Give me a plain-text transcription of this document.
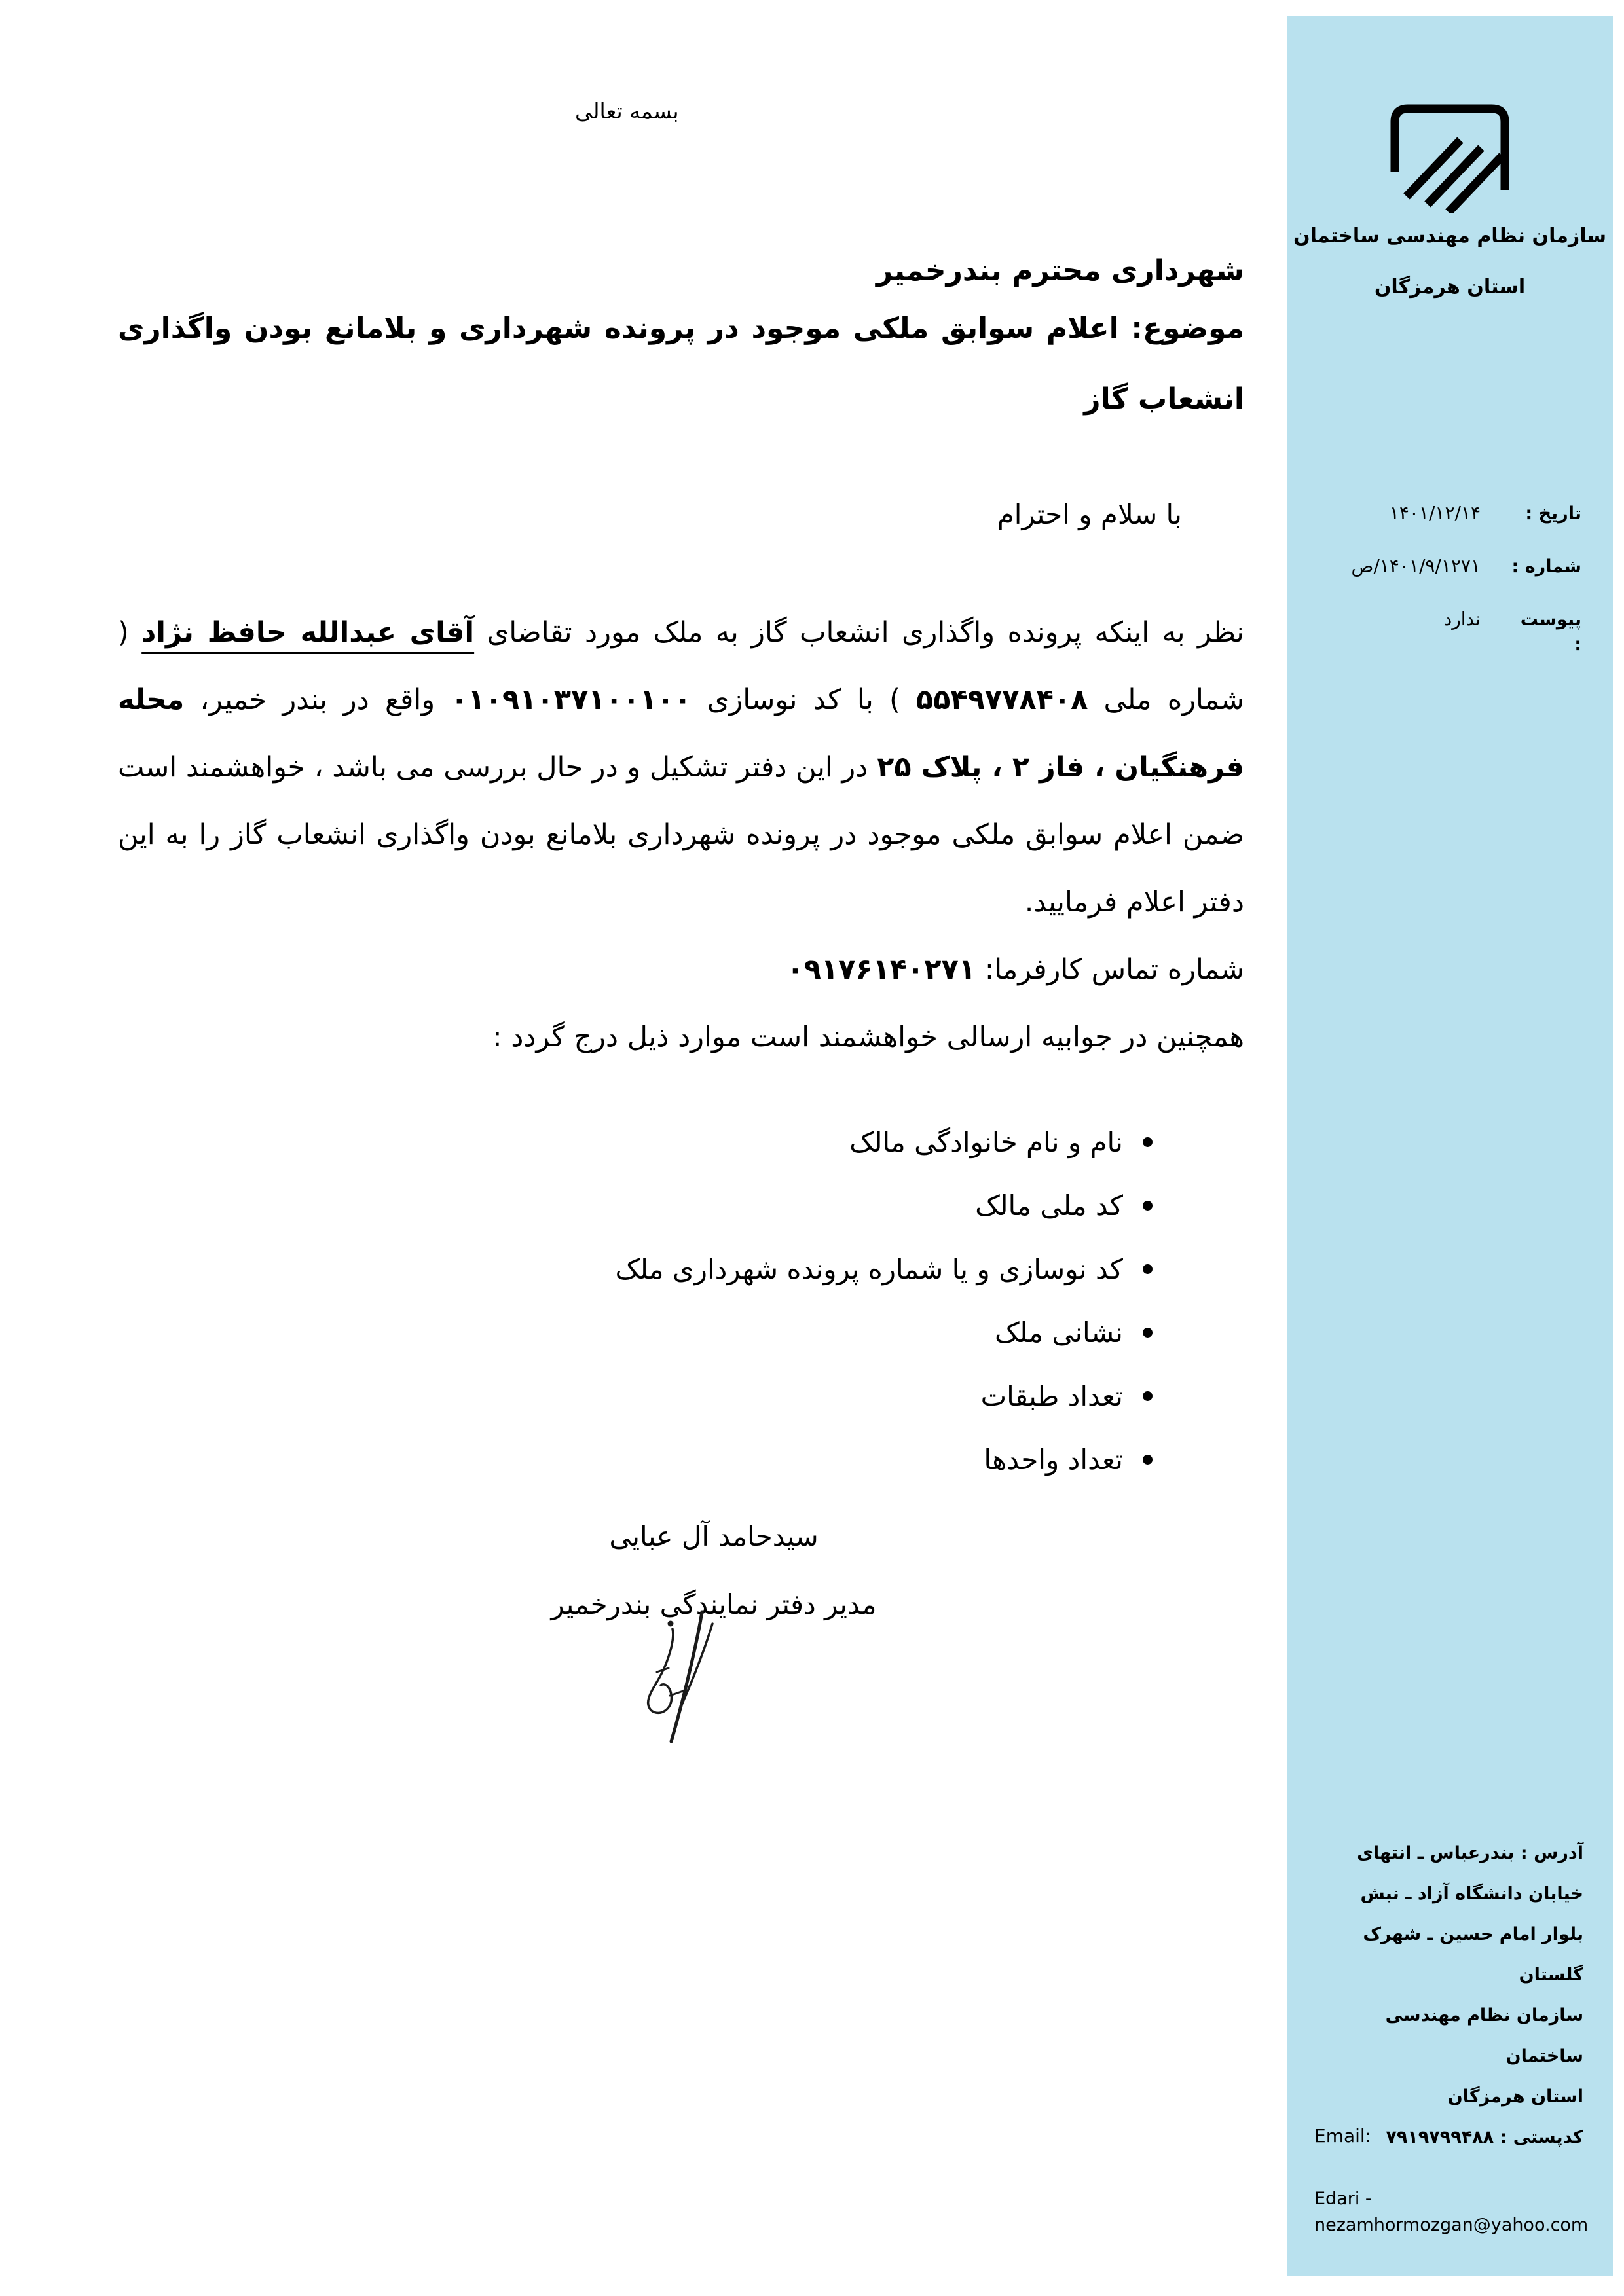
بسمه تعالی
شهرداری محترم بندرخمیر
موضوع: اعلام سوابق ملکی موجود در پرونده شهرداری و بلامانع بودن واگذاری انشعاب گاز

با سلام و احترام

نظر به اینکه پرونده واگذاری انشعاب گاز به ملک مورد تقاضای آقای عبدالله حافظ نژاد ( شماره ملی ۵۵۴۹۷۷۸۴۰۸ ) با کد نوسازی ۰۱۰۹۱۰۳۷۱۰۰۱۰۰ واقع در بندر خمیر، محله فرهنگیان ، فاز ۲ ، پلاک ۲۵ در این دفتر تشکیل و در حال بررسی می باشد ، خواهشمند است ضمن اعلام سوابق ملکی موجود در پرونده شهرداری بلامانع بودن واگذاری انشعاب گاز را به این دفتر اعلام فرمایید.

شماره تماس کارفرما: ۰۹۱۷۶۱۴۰۲۷۱

همچنین در جوابیه ارسالی خواهشمند است موارد ذیل درج گردد :

نام و نام خانوادگی مالک
کد ملی مالک
کد نوسازی و یا شماره پرونده شهرداری ملک
نشانی ملک
تعداد طبقات
تعداد واحدها
سیدحامد آل عبایی
مدیر دفتر نمایندگی بندرخمیر
سازمان نظام مهندسی ساختمان
استان هرمزگان
تاریخ :
۱۴۰۱/۱۲/۱۴
شماره :
۱۴۰۱/۹/۱۲۷۱/ص
پیوست :
ندارد
آدرس : بندرعباس ـ انتهای
خیابان دانشگاه آزاد ـ نبش
بلوار امام حسین ـ شهرک
گلستان
سازمان نظام مهندسی ساختمان
استان هرمزگان
کدپستی : ۷۹۱۹۷۹۹۴۸۸
Email:
Edari - nezamhormozgan@yahoo.com
